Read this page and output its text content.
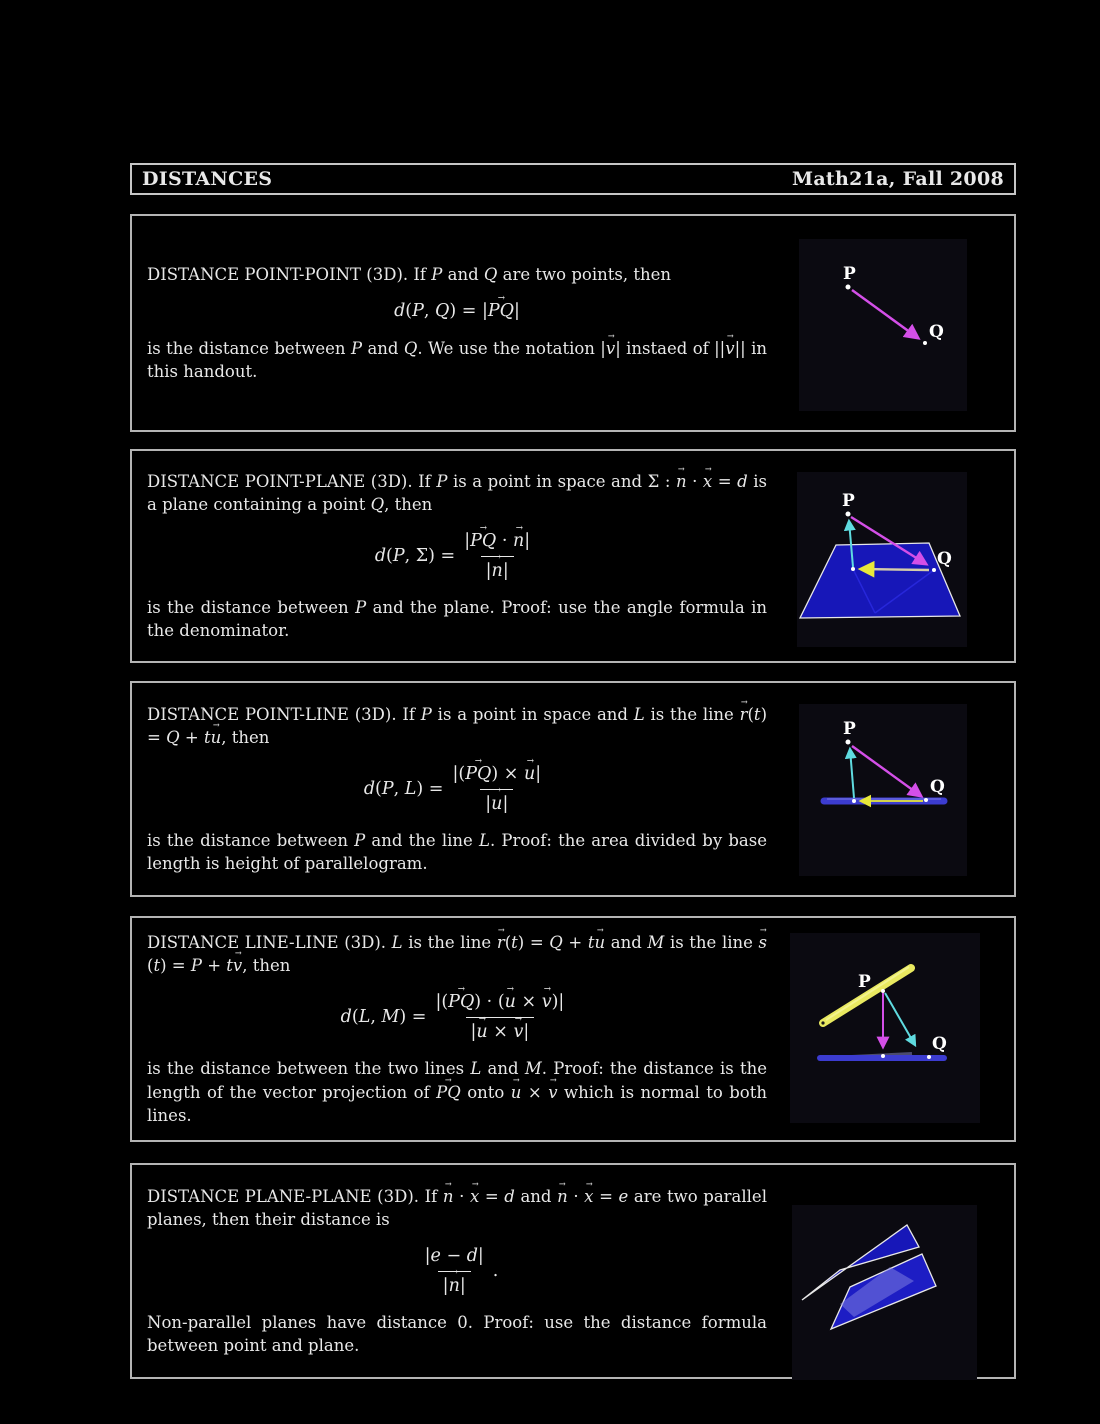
DISTANCES	Math21a, Fall 2008

DISTANCE POINT-POINT (3D). If P and Q are two points, then

d(P, Q) = |PQ →|

is the distance between P and Q. We use the notation |v →| instaed of ||v →|| in this handout.

P
Q

DISTANCE POINT-PLANE (3D). If P is a point in space and Σ : n → · x → = d is a plane containing a point Q, then

d(P, $\Sigma) = \frac{|PQ \to \cdot n \to|}{|n \to|}$

is the distance between P and the plane. Proof: use the angle formula in the denominator.

P
Q

DISTANCE POINT-LINE (3D). If P is a point in space and L is the line r →(t) = Q + tu →, then

d(P, $L) = \frac{|(PQ \to) \times u \to|}{|u \to|}$

is the distance between P and the line L. Proof: the area divided by base length is height of parallelogram.

P
Q

DISTANCE LINE-LINE (3D). L is the line r →(t) = Q + tu → and M is the line s →(t) = P + tv →, then

d(L, $M) = \frac{|(PQ \to) \cdot (u \to \times v \to)|}{|u \to \times v \to|}$

is the distance between the two lines L and M. Proof: the distance is the length of the vector projection of PQ → onto u → × v → which is normal to both lines.

P
Q

DISTANCE PLANE-PLANE (3D). If n → · x → = d and n → · x → = e are two parallel planes, then their distance is

$\frac{|e - d|}{|n \to|}$ .

Non-parallel planes have distance 0. Proof: use the distance formula between point and plane.
